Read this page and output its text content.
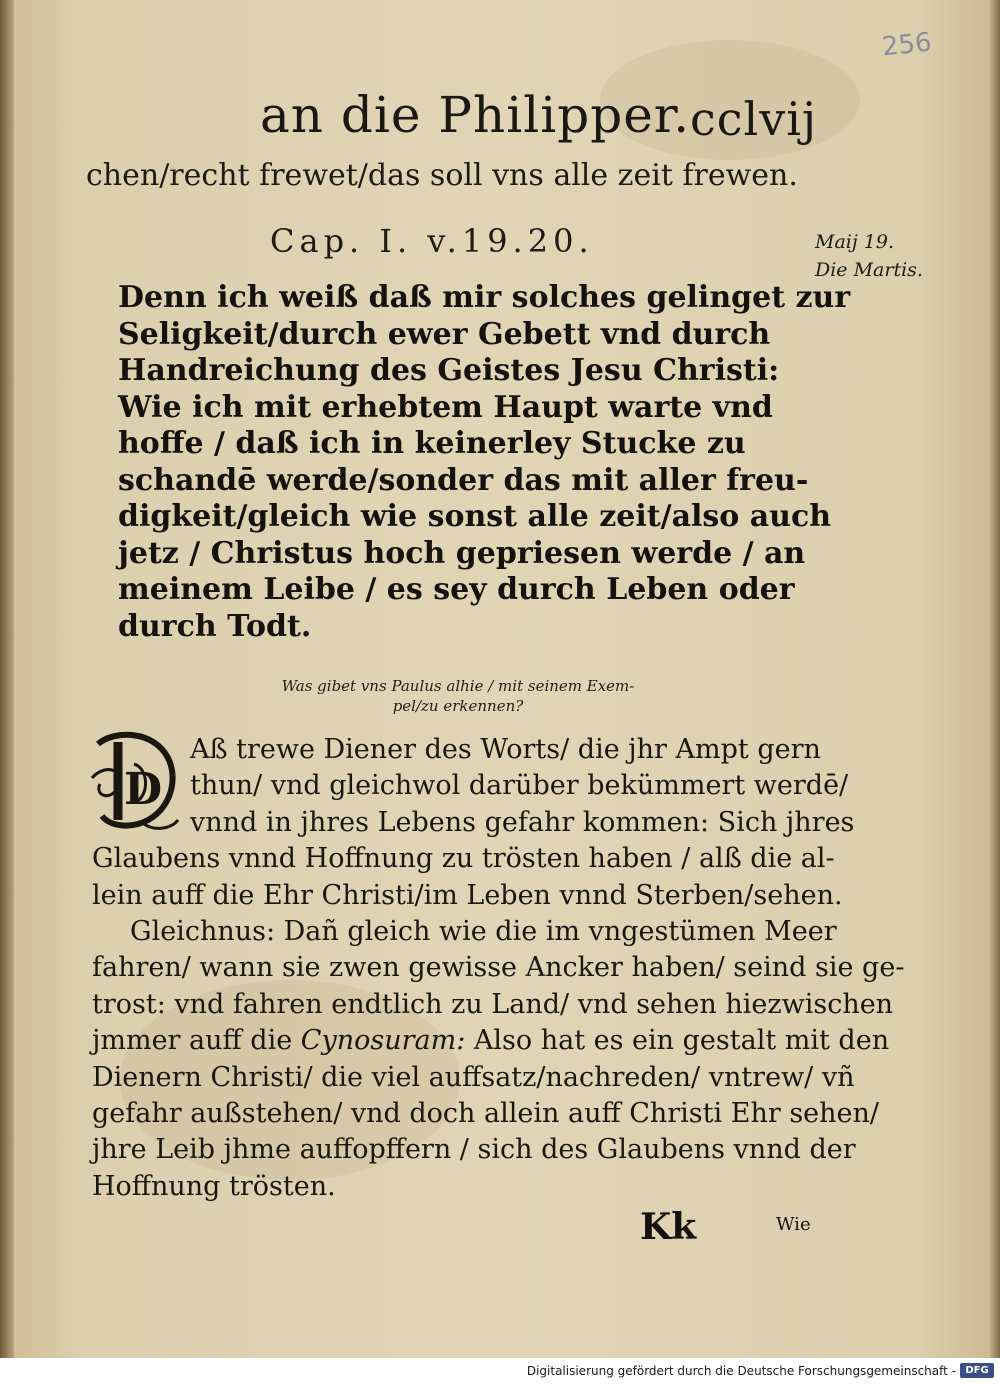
256
an die Philipper. cclvij
chen/recht frewet/das soll vns alle zeit frewen.
Cap. I. v.19.20.	Maij 19.
Die Martis.
Denn ich weiß daß mir solches gelinget zur
Seligkeit/durch ewer Gebett vnd durch
Handreichung des Geistes Jesu Christi:
Wie ich mit erhebtem Haupt warte vnd
hoffe / daß ich in keinerley Stucke zu
schandē werde/sonder das mit aller freu-
digkeit/gleich wie sonst alle zeit/also auch
jetz / Christus hoch gepriesen werde / an
meinem Leibe / es sey durch Leben oder
durch Todt.
Was gibet vns Paulus alhie / mit seinem Exem-
pel/zu erkennen?
D
Aß trewe Diener des Worts/ die jhr Ampt gern
thun/ vnd gleichwol darüber bekümmert werdē/
vnnd in jhres Lebens gefahr kommen: Sich jhres
Glaubens vnnd Hoffnung zu trösten haben / alß die al-
lein auff die Ehr Christi/im Leben vnnd Sterben/sehen.
Gleichnus: Dañ gleich wie die im vngestümen Meer
fahren/ wann sie zwen gewisse Ancker haben/ seind sie ge-
trost: vnd fahren endtlich zu Land/ vnd sehen hiezwischen
jmmer auff die Cynosuram: Also hat es ein gestalt mit den
Dienern Christi/ die viel auffsatz/nachreden/ vntrew/ vñ
gefahr außstehen/ vnd doch allein auff Christi Ehr sehen/
jhre Leib jhme auffopffern / sich des Glaubens vnnd der
Hoffnung trösten.
Kk	Wie
Digitalisierung gefördert durch die Deutsche Forschungsgemeinschaft - DFG
